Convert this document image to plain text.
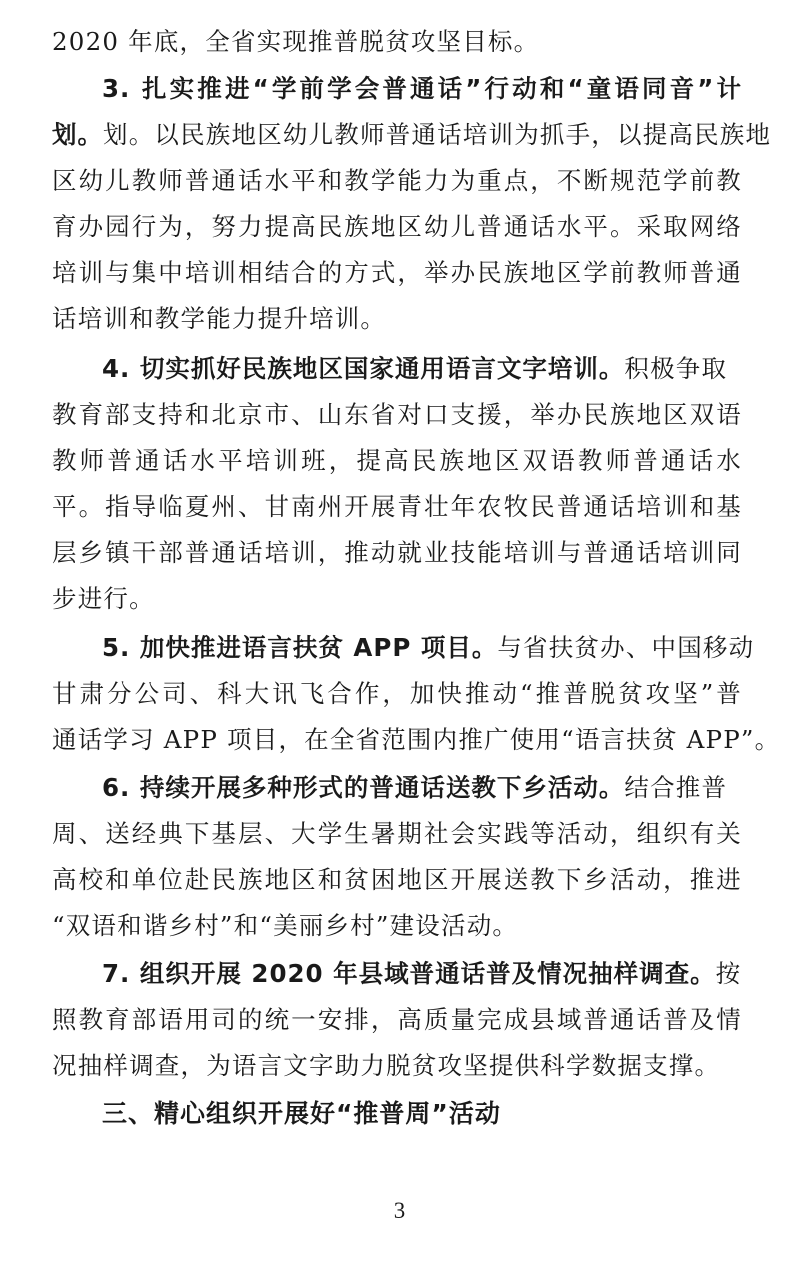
2020 年底，全省实现推普脱贫攻坚目标。
3. 扎实推进“学前学会普通话”行动和“童语同音”计
划。划。以民族地区幼儿教师普通话培训为抓手，以提高民族地
区幼儿教师普通话水平和教学能力为重点，不断规范学前教
育办园行为，努力提高民族地区幼儿普通话水平。采取网络
培训与集中培训相结合的方式，举办民族地区学前教师普通
话培训和教学能力提升培训。
4. 切实抓好民族地区国家通用语言文字培训。积极争取
教育部支持和北京市、山东省对口支援，举办民族地区双语
教师普通话水平培训班，提高民族地区双语教师普通话水
平。指导临夏州、甘南州开展青壮年农牧民普通话培训和基
层乡镇干部普通话培训，推动就业技能培训与普通话培训同
步进行。
5. 加快推进语言扶贫 APP 项目。与省扶贫办、中国移动
甘肃分公司、科大讯飞合作，加快推动“推普脱贫攻坚”普
通话学习 APP 项目，在全省范围内推广使用“语言扶贫 APP”。
6. 持续开展多种形式的普通话送教下乡活动。结合推普
周、送经典下基层、大学生暑期社会实践等活动，组织有关
高校和单位赴民族地区和贫困地区开展送教下乡活动，推进
“双语和谐乡村”和“美丽乡村”建设活动。
7. 组织开展 2020 年县域普通话普及情况抽样调查。按
照教育部语用司的统一安排，高质量完成县域普通话普及情
况抽样调查，为语言文字助力脱贫攻坚提供科学数据支撑。
三、精心组织开展好“推普周”活动
3
